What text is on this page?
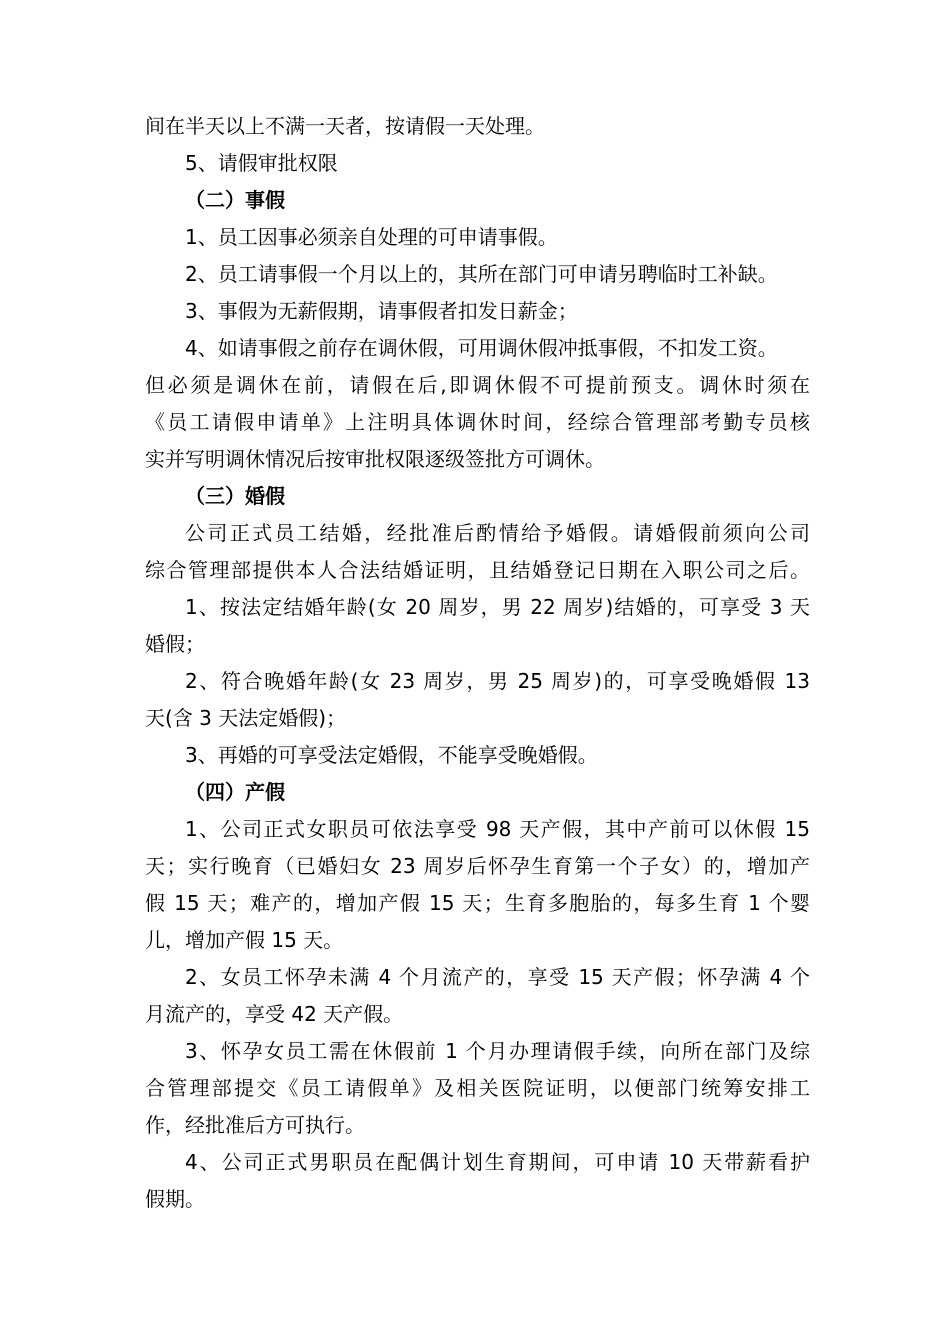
间在半天以上不满一天者，按请假一天处理。
5、请假审批权限
（二）事假
1、员工因事必须亲自处理的可申请事假。
2、员工请事假一个月以上的，其所在部门可申请另聘临时工补缺。
3、事假为无薪假期，请事假者扣发日薪金；
4、如请事假之前存在调休假，可用调休假冲抵事假，不扣发工资。
但必须是调休在前，请假在后,即调休假不可提前预支。调休时须在
《员工请假申请单》上注明具体调休时间，经综合管理部考勤专员核
实并写明调休情况后按审批权限逐级签批方可调休。
（三）婚假
公司正式员工结婚，经批准后酌情给予婚假。请婚假前须向公司
综合管理部提供本人合法结婚证明，且结婚登记日期在入职公司之后。
1、按法定结婚年龄(女 20 周岁，男 22 周岁)结婚的，可享受 3 天
婚假；
2、符合晚婚年龄(女 23 周岁，男 25 周岁)的，可享受晚婚假 13
天(含 3 天法定婚假)；
3、再婚的可享受法定婚假，不能享受晚婚假。
（四）产假
1、公司正式女职员可依法享受 98 天产假，其中产前可以休假 15
天；实行晚育（已婚妇女 23 周岁后怀孕生育第一个子女）的，增加产
假 15 天；难产的，增加产假 15 天；生育多胞胎的，每多生育 1 个婴
儿，增加产假 15 天。
2、女员工怀孕未满 4 个月流产的，享受 15 天产假；怀孕满 4 个
月流产的，享受 42 天产假。
3、怀孕女员工需在休假前 1 个月办理请假手续，向所在部门及综
合管理部提交《员工请假单》及相关医院证明，以便部门统筹安排工
作，经批准后方可执行。
4、公司正式男职员在配偶计划生育期间，可申请 10 天带薪看护
假期。
